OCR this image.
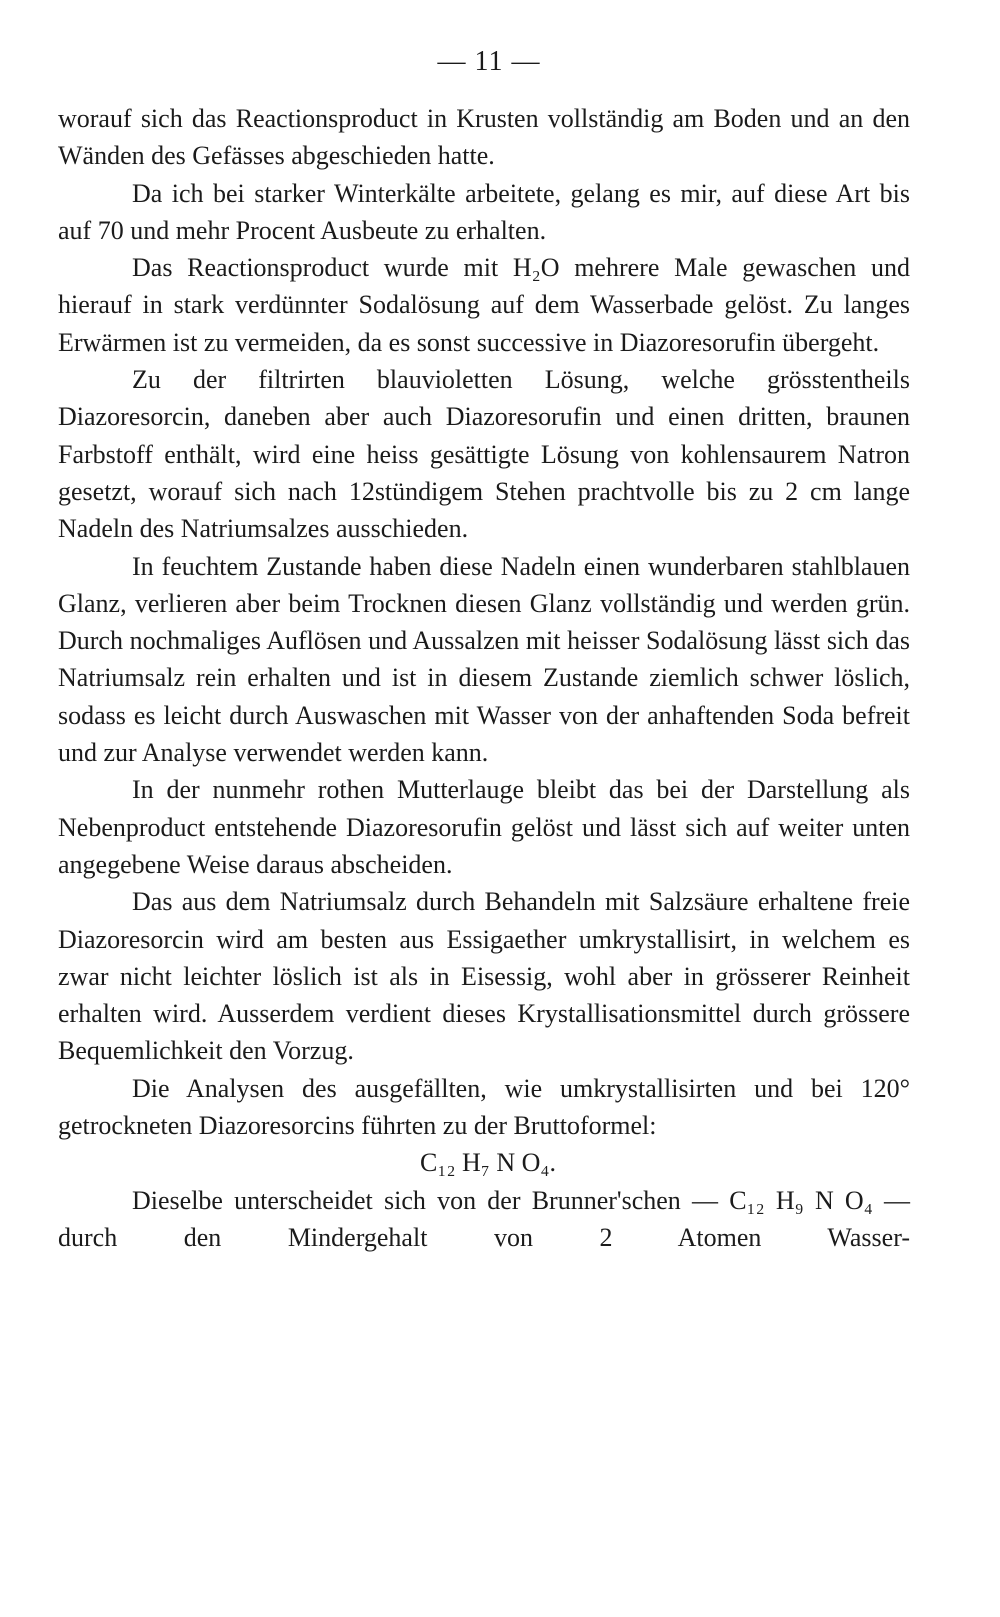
— 11 —

worauf sich das Reactionsproduct in Krusten vollständig am Boden und an den Wänden des Gefässes abgeschieden hatte.

Da ich bei starker Winterkälte arbeitete, gelang es mir, auf diese Art bis auf 70 und mehr Procent Ausbeute zu erhalten.

Das Reactionsproduct wurde mit H₂O mehrere Male gewaschen und hierauf in stark verdünnter Sodalösung auf dem Wasserbade gelöst. Zu langes Erwärmen ist zu vermeiden, da es sonst successive in Diazoresorufin übergeht.

Zu der filtrirten blauvioletten Lösung, welche grösstentheils Diazoresorcin, daneben aber auch Diazoresorufin und einen dritten, braunen Farbstoff enthält, wird eine heiss gesättigte Lösung von kohlensaurem Natron gesetzt, worauf sich nach 12stündigem Stehen prachtvolle bis zu 2 cm lange Nadeln des Natriumsalzes ausschieden.

In feuchtem Zustande haben diese Nadeln einen wunderbaren stahlblauen Glanz, verlieren aber beim Trocknen diesen Glanz vollständig und werden grün. Durch nochmaliges Auflösen und Aussalzen mit heisser Sodalösung lässt sich das Natriumsalz rein erhalten und ist in diesem Zustande ziemlich schwer löslich, sodass es leicht durch Auswaschen mit Wasser von der anhaftenden Soda befreit und zur Analyse verwendet werden kann.

In der nunmehr rothen Mutterlauge bleibt das bei der Darstellung als Nebenproduct entstehende Diazoresorufin gelöst und lässt sich auf weiter unten angegebene Weise daraus abscheiden.

Das aus dem Natriumsalz durch Behandeln mit Salzsäure erhaltene freie Diazoresorcin wird am besten aus Essigaether umkrystallisirt, in welchem es zwar nicht leichter löslich ist als in Eisessig, wohl aber in grösserer Reinheit erhalten wird. Ausserdem verdient dieses Krystallisationsmittel durch grössere Bequemlichkeit den Vorzug.

Die Analysen des ausgefällten, wie umkrystallisirten und bei 120° getrockneten Diazoresorcins führten zu der Bruttoformel:

C₁₂ H₇ N O₄.

Dieselbe unterscheidet sich von der Brunner'schen — C₁₂ H₉ N O₄ — durch den Mindergehalt von 2 Atomen Wasser-
